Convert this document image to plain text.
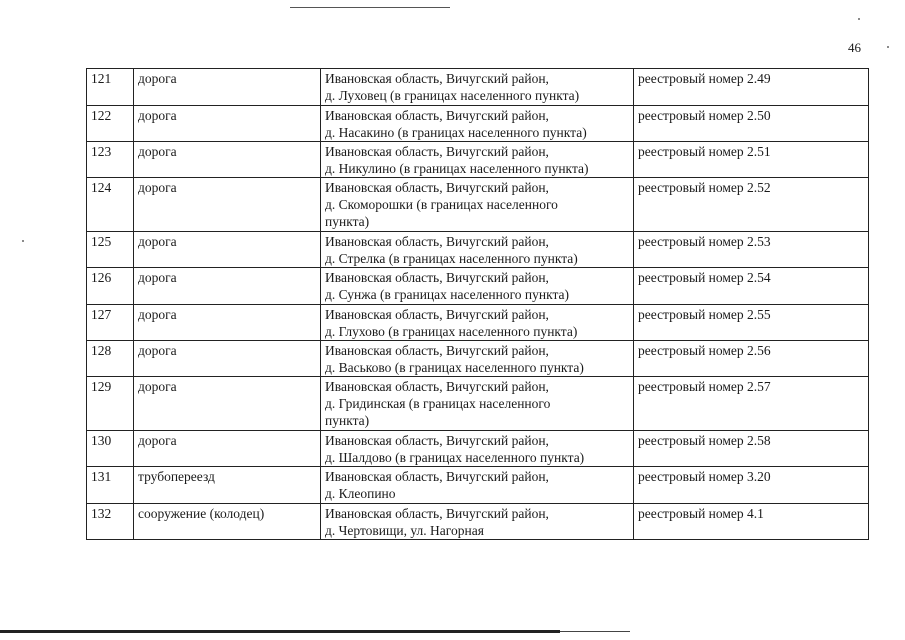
46
121	дорога	Ивановская область, Вичугский район,
д. Луховец (в границах населенного пункта)	реестровый номер 2.49
122	дорога	Ивановская область, Вичугский район,
д. Насакино (в границах населенного пункта)	реестровый номер 2.50
123	дорога	Ивановская область, Вичугский район,
д. Никулино (в границах населенного пункта)	реестровый номер 2.51
124	дорога	Ивановская область, Вичугский район,
д. Скоморошки (в границах населенного
пункта)	реестровый номер 2.52
125	дорога	Ивановская область, Вичугский район,
д. Стрелка (в границах населенного пункта)	реестровый номер 2.53
126	дорога	Ивановская область, Вичугский район,
д. Сунжа (в границах населенного пункта)	реестровый номер 2.54
127	дорога	Ивановская область, Вичугский район,
д. Глухово (в границах населенного пункта)	реестровый номер 2.55
128	дорога	Ивановская область, Вичугский район,
д. Васьково (в границах населенного пункта)	реестровый номер 2.56
129	дорога	Ивановская область, Вичугский район,
д. Гридинская (в границах населенного
пункта)	реестровый номер 2.57
130	дорога	Ивановская область, Вичугский район,
д. Шалдово (в границах населенного пункта)	реестровый номер 2.58
131	трубопереезд	Ивановская область, Вичугский район,
д. Клеопино	реестровый номер 3.20
132	сооружение (колодец)	Ивановская область, Вичугский район,
д. Чертовищи, ул. Нагорная	реестровый номер 4.1
